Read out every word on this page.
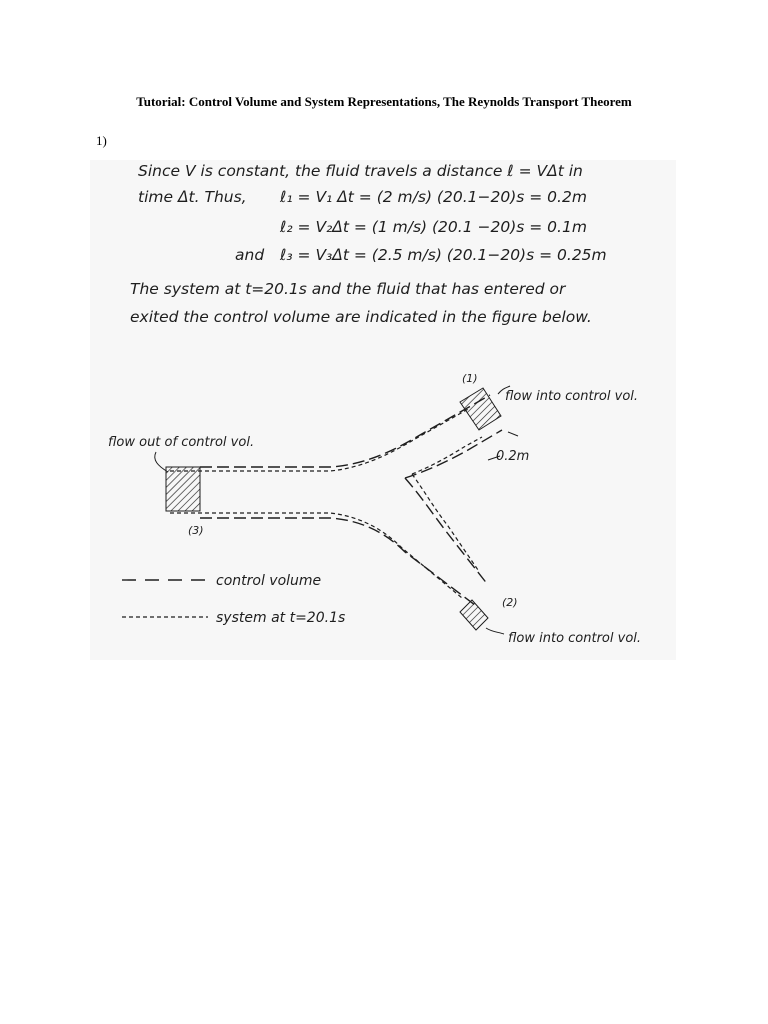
Tutorial: Control Volume and System Representations, The Reynolds Transport Theorem
1)
Since V is constant, the fluid travels a distance ℓ = VΔt in
time Δt. Thus, ℓ₁ = V₁ Δt = (2 m/s) (20.1−20)s = 0.2m
ℓ₂ = V₂Δt = (1 m/s) (20.1 −20)s = 0.1m
and ℓ₃ = V₃Δt = (2.5 m/s) (20.1−20)s = 0.25m
The system at t=20.1s and the fluid that has entered or
exited the control volume are indicated in the figure below.
(1)
flow into control vol.
flow out of control vol.
0.2m
(3)
(2)
flow into control vol.
control volume
system at t=20.1s
